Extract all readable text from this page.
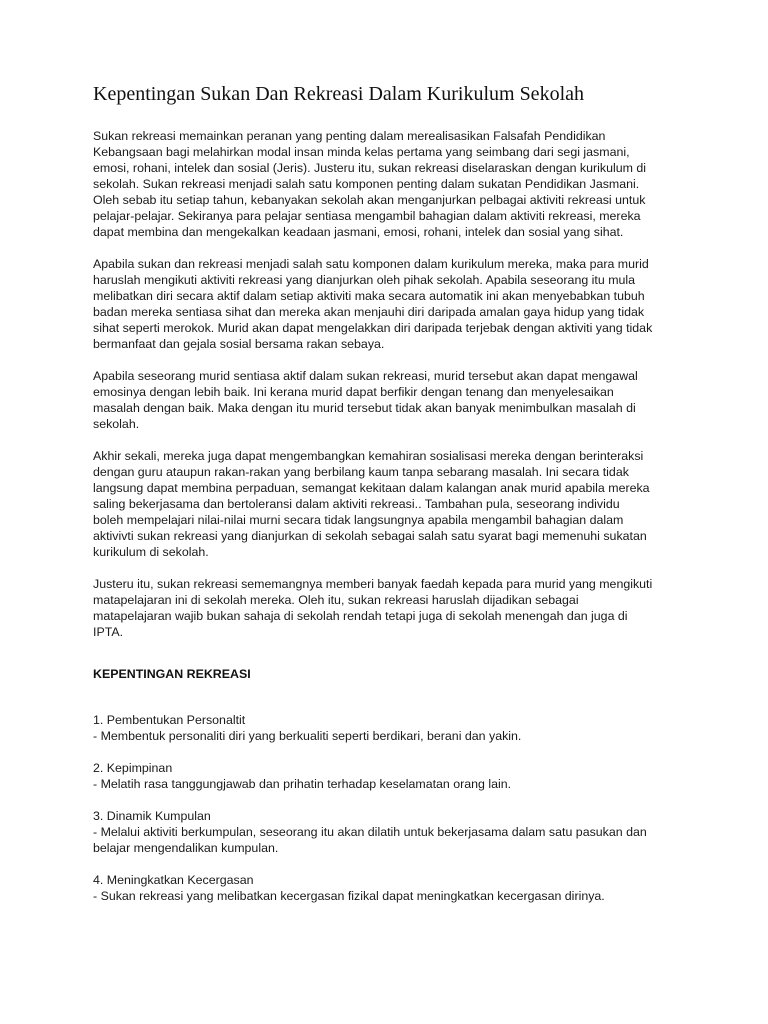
Kepentingan Sukan Dan Rekreasi Dalam Kurikulum Sekolah

Sukan rekreasi memainkan peranan yang penting dalam merealisasikan Falsafah Pendidikan
Kebangsaan bagi melahirkan modal insan minda kelas pertama yang seimbang dari segi jasmani,
emosi, rohani, intelek dan sosial (Jeris). Justeru itu, sukan rekreasi diselaraskan dengan kurikulum di
sekolah. Sukan rekreasi menjadi salah satu komponen penting dalam sukatan Pendidikan Jasmani.
Oleh sebab itu setiap tahun, kebanyakan sekolah akan menganjurkan pelbagai aktiviti rekreasi untuk
pelajar-pelajar. Sekiranya para pelajar sentiasa mengambil bahagian dalam aktiviti rekreasi, mereka
dapat membina dan mengekalkan keadaan jasmani, emosi, rohani, intelek dan sosial yang sihat.

Apabila sukan dan rekreasi menjadi salah satu komponen dalam kurikulum mereka, maka para murid
haruslah mengikuti aktiviti rekreasi yang dianjurkan oleh pihak sekolah. Apabila seseorang itu mula
melibatkan diri secara aktif dalam setiap aktiviti maka secara automatik ini akan menyebabkan tubuh
badan mereka sentiasa sihat dan mereka akan menjauhi diri daripada amalan gaya hidup yang tidak
sihat seperti merokok. Murid akan dapat mengelakkan diri daripada terjebak dengan aktiviti yang tidak
bermanfaat dan gejala sosial bersama rakan sebaya.

Apabila seseorang murid sentiasa aktif dalam sukan rekreasi, murid tersebut akan dapat mengawal
emosinya dengan lebih baik. Ini kerana murid dapat berfikir dengan tenang dan menyelesaikan
masalah dengan baik. Maka dengan itu murid tersebut tidak akan banyak menimbulkan masalah di
sekolah.

Akhir sekali, mereka juga dapat mengembangkan kemahiran sosialisasi mereka dengan berinteraksi
dengan guru ataupun rakan-rakan yang berbilang kaum tanpa sebarang masalah. Ini secara tidak
langsung dapat membina perpaduan, semangat kekitaan dalam kalangan anak murid apabila mereka
saling bekerjasama dan bertoleransi dalam aktiviti rekreasi.. Tambahan pula, seseorang individu
boleh mempelajari nilai-nilai murni secara tidak langsungnya apabila mengambil bahagian dalam
aktivivti sukan rekreasi yang dianjurkan di sekolah sebagai salah satu syarat bagi memenuhi sukatan
kurikulum di sekolah.

Justeru itu, sukan rekreasi sememangnya memberi banyak faedah kepada para murid yang mengikuti
matapelajaran ini di sekolah mereka. Oleh itu, sukan rekreasi haruslah dijadikan sebagai
matapelajaran wajib bukan sahaja di sekolah rendah tetapi juga di sekolah menengah dan juga di
IPTA.

KEPENTINGAN REKREASI
1. Pembentukan Personaltit
- Membentuk personaliti diri yang berkualiti seperti berdikari, berani dan yakin.
2. Kepimpinan
- Melatih rasa tanggungjawab dan prihatin terhadap keselamatan orang lain.
3. Dinamik Kumpulan
- Melalui aktiviti berkumpulan, seseorang itu akan dilatih untuk bekerjasama dalam satu pasukan dan
belajar mengendalikan kumpulan.
4. Meningkatkan Kecergasan
- Sukan rekreasi yang melibatkan kecergasan fizikal dapat meningkatkan kecergasan dirinya.
